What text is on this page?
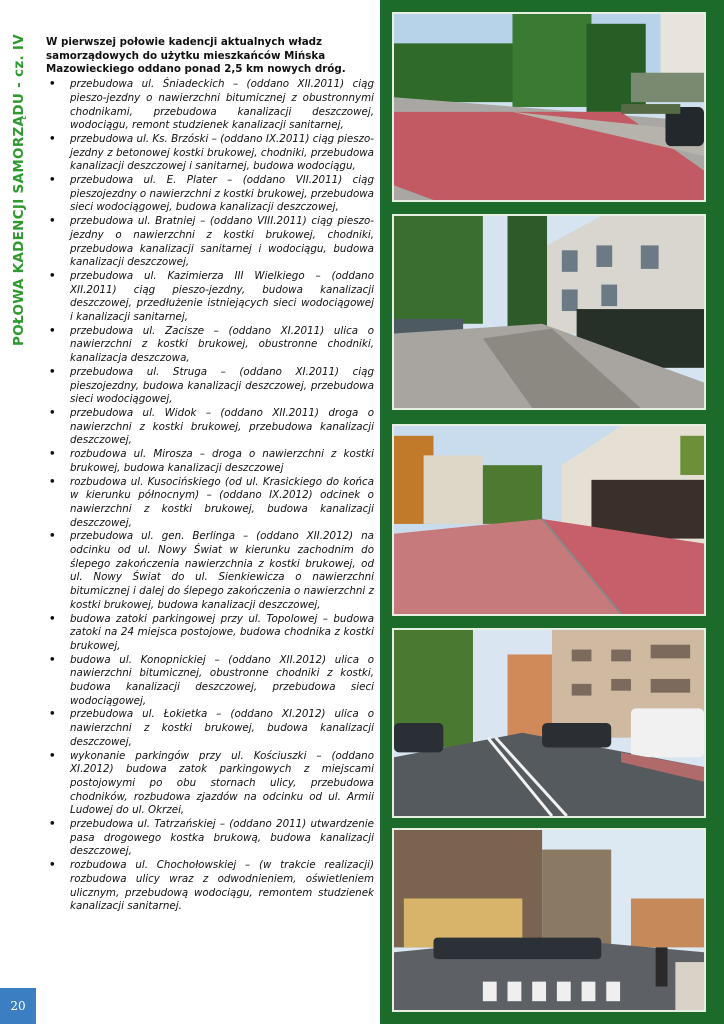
POŁOWA KADENCJI SAMORZĄDU - cz. IV W pierwszej połowie kadencji aktualnych władz samorządowych do użytku mieszkańców Mińska Mazowieckiego oddano ponad 2,5 km nowych dróg.

• przebudowa ul. Śniadeckich – (oddano XII.2011) ciąg pieszo-jezdny o nawierzchni bitumicznej z obustronnymi chodnikami, przebudowa kanalizacji deszczowej, wodociągu, remont studzienek kanalizacji sanitarnej,
• przebudowa ul. Ks. Brzóski – (oddano IX.2011) ciąg pieszo-jezdny z betonowej kostki brukowej, chodniki, przebudowa kanalizacji deszczowej i sanitarnej, budowa wodociągu,
• przebudowa ul. E. Plater – (oddano VII.2011) ciąg pieszojezdny o nawierzchni z kostki brukowej, przebudowa sieci wodociągowej, budowa kanalizacji deszczowej,
• przebudowa ul. Bratniej – (oddano VIII.2011) ciąg pieszo-jezdny o nawierzchni z kostki brukowej, chodniki, przebudowa kanalizacji sanitarnej i wodociągu, budowa kanalizacji deszczowej,
• przebudowa ul. Kazimierza III Wielkiego – (oddano XII.2011) ciąg pieszo-jezdny, budowa kanalizacji deszczowej, przedłużenie istniejących sieci wodociągowej i kanalizacji sanitarnej,
• przebudowa ul. Zacisze – (oddano XI.2011) ulica o nawierzchni z kostki brukowej, obustronne chodniki, kanalizacja deszczowa,
• przebudowa ul. Struga – (oddano XI.2011) ciąg pieszojezdny, budowa kanalizacji deszczowej, przebudowa sieci wodociągowej,
• przebudowa ul. Widok – (oddano XII.2011) droga o nawierzchni z kostki brukowej, przebudowa kanalizacji deszczowej,
• rozbudowa ul. Mirosza – droga o nawierzchni z kostki brukowej, budowa kanalizacji deszczowej
• rozbudowa ul. Kusocińskiego (od ul. Krasickiego do końca w kierunku północnym) – (oddano IX.2012) odcinek o nawierzchni z kostki brukowej, budowa kanalizacji deszczowej,
• przebudowa ul. gen. Berlinga – (oddano XII.2012) na odcinku od ul. Nowy Świat w kierunku zachodnim do ślepego zakończenia nawierzchnia z kostki brukowej, od ul. Nowy Świat do ul. Sienkiewicza o nawierzchni bitumicznej i dalej do ślepego zakończenia o nawierzchni z kostki brukowej, budowa kanalizacji deszczowej,
• budowa zatoki parkingowej przy ul. Topolowej – budowa zatoki na 24 miejsca postojowe, budowa chodnika z kostki brukowej,
• budowa ul. Konopnickiej – (oddano XII.2012) ulica o nawierzchni bitumicznej, obustronne chodniki z kostki, budowa kanalizacji deszczowej, przebudowa sieci wodociągowej,
• przebudowa ul. Łokietka – (oddano XI.2012) ulica o nawierzchni z kostki brukowej, budowa kanalizacji deszczowej,
• wykonanie parkingów przy ul. Kościuszki – (oddano XI.2012) budowa zatok parkingowych z miejscami postojowymi po obu stornach ulicy, przebudowa chodników, rozbudowa zjazdów na odcinku od ul. Armii Ludowej do ul. Okrzei,
• przebudowa ul. Tatrzańskiej – (oddano 2011) utwardzenie pasa drogowego kostka brukową, budowa kanalizacji deszczowej,
• rozbudowa ul. Chochołowskiej – (w trakcie realizacji) rozbudowa ulicy wraz z odwodnieniem, oświetleniem ulicznym, przebudową wodociągu, remontem studzienek kanalizacji sanitarnej.
20
